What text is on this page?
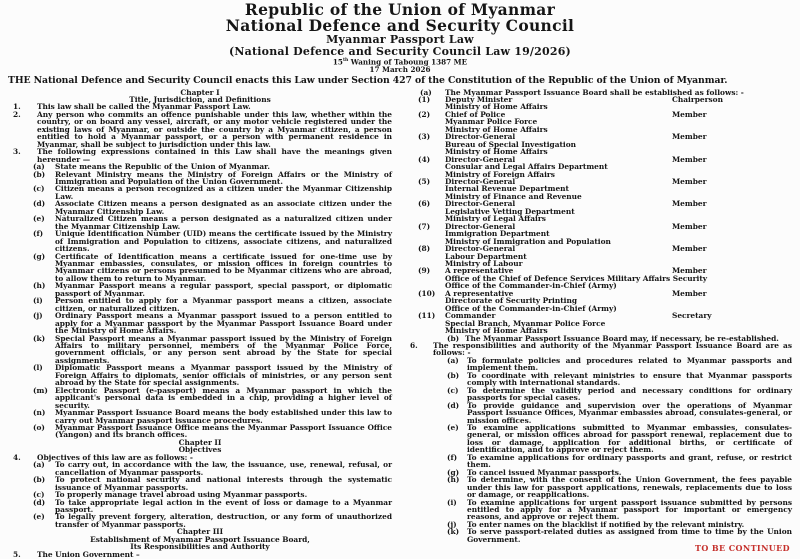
Republic of the Union of Myanmar
National Defence and Security Council
Myanmar Passport Law
(National Defence and Security Council Law 19/2026)
15th Waning of Taboung 1387 ME
17 March 2026
THE National Defence and Security Council enacts this Law under Section 427 of the Constitution of the Republic of the Union of Myanmar.
Chapter I
Title, Jurisdiction, and Definitions
1. This law shall be called the Myanmar Passport Law.
2. Any person who commits an offence punishable under this law, whether within the country, or on board any vessel, aircraft, or any motor vehicle registered under the existing laws of Myanmar, or outside the country by a Myanmar citizen, a person entitled to hold a Myanmar passport, or a person with permanent residence in Myanmar, shall be subject to jurisdiction under this law.
3. The following expressions contained in this Law shall have the meanings given hereunder —
(a) State means the Republic of the Union of Myanmar.
(b) Relevant Ministry means the Ministry of Foreign Affairs or the Ministry of Immigration and Population of the Union Government.
(c) Citizen means a person recognized as a citizen under the Myanmar Citizenship Law.
(d) Associate Citizen means a person designated as an associate citizen under the Myanmar Citizenship Law.
(e) Naturalized Citizen means a person designated as a naturalized citizen under the Myanmar Citizenship Law.
(f) Unique Identification Number (UID) means the certificate issued by the Ministry of Immigration and Population to citizens, associate citizens, and naturalized citizens.
(g) Certificate of Identification means a certificate issued for one-time use by Myanmar embassies, consulates, or mission offices in foreign countries to Myanmar citizens or persons presumed to be Myanmar citizens who are abroad, to allow them to return to Myanmar.
(h) Myanmar Passport means a regular passport, special passport, or diplomatic passport of Myanmar.
(i) Person entitled to apply for a Myanmar passport means a citizen, associate citizen, or naturalized citizen.
(j) Ordinary Passport means a Myanmar passport issued to a person entitled to apply for a Myanmar passport by the Myanmar Passport Issuance Board under the Ministry of Home Affairs.
(k) Special Passport means a Myanmar passport issued by the Ministry of Foreign Affairs to military personnel, members of the Myanmar Police Force, government officials, or any person sent abroad by the State for special assignments.
(l) Diplomatic Passport means a Myanmar passport issued by the Ministry of Foreign Affairs to diplomats, senior officials of ministries, or any person sent abroad by the State for special assignments.
(m) Electronic Passport (e-passport) means a Myanmar passport in which the applicant's personal data is embedded in a chip, providing a higher level of security.
(n) Myanmar Passport Issuance Board means the body established under this law to carry out Myanmar passport issuance procedures.
(o) Myanmar Passport Issuance Office means the Myanmar Passport Issuance Office (Yangon) and its branch offices.
Chapter II
Objectives
4. Objectives of this law are as follows: -
(a) To carry out, in accordance with the law, the issuance, use, renewal, refusal, or cancellation of Myanmar passports.
(b) To protect national security and national interests through the systematic issuance of Myanmar passports.
(c) To properly manage travel abroad using Myanmar passports.
(d) To take appropriate legal action in the event of loss or damage to a Myanmar passport.
(e) To legally prevent forgery, alteration, destruction, or any form of unauthorized transfer of Myanmar passports.
Chapter III
Establishment of Myanmar Passport Issuance Board,
Its Responsibilities and Authority
5. The Union Government –
(a) The Myanmar Passport Issuance Board shall be established as follows: -
(1) Deputy Minister	Chairperson
Ministry of Home Affairs
(2) Chief of Police	Member
Myanmar Police Force
Ministry of Home Affairs
(3) Director-General	Member
Bureau of Special Investigation
Ministry of Home Affairs
(4) Director-General	Member
Consular and Legal Affairs Department
Ministry of Foreign Affairs
(5) Director-General	Member
Internal Revenue Department
Ministry of Finance and Revenue
(6) Director-General	Member
Legislative Vetting Department
Ministry of Legal Affairs
(7) Director-General	Member
Immigration Department
Ministry of Immigration and Population
(8) Director-General	Member
Labour Department
Ministry of Labour
(9) A representative	Member
Office of the Chief of Defence Services Military Affairs Security
Office of the Commander-in-Chief (Army)
(10) A representative	Member
Directorate of Security Printing
Office of the Commander-in-Chief (Army)
(11) Commander	Secretary
Special Branch, Myanmar Police Force
Ministry of Home Affairs
(b) The Myanmar Passport Issuance Board may, if necessary, be re-established.
6. The responsibilities and authority of the Myanmar Passport Issuance Board are as follows: -
(a) To formulate policies and procedures related to Myanmar passports and implement them.
(b) To coordinate with relevant ministries to ensure that Myanmar passports comply with international standards.
(c) To determine the validity period and necessary conditions for ordinary passports for special cases.
(d) To provide guidance and supervision over the operations of Myanmar Passport Issuance Offices, Myanmar embassies abroad, consulates-general, or mission offices.
(e) To examine applications submitted to Myanmar embassies, consulates-general, or mission offices abroad for passport renewal, replacement due to loss or damage, application for additional births, or certificate of identification, and to approve or reject them.
(f) To examine applications for ordinary passports and grant, refuse, or restrict them.
(g) To cancel issued Myanmar passports.
(h) To determine, with the consent of the Union Government, the fees payable under this law for passport applications, renewals, replacements due to loss or damage, or reapplications.
(i) To examine applications for urgent passport issuance submitted by persons entitled to apply for a Myanmar passport for important or emergency reasons, and approve or reject them.
(j) To enter names on the blacklist if notified by the relevant ministry.
(k) To serve passport-related duties as assigned from time to time by the Union Government.
TO BE CONTINUED
